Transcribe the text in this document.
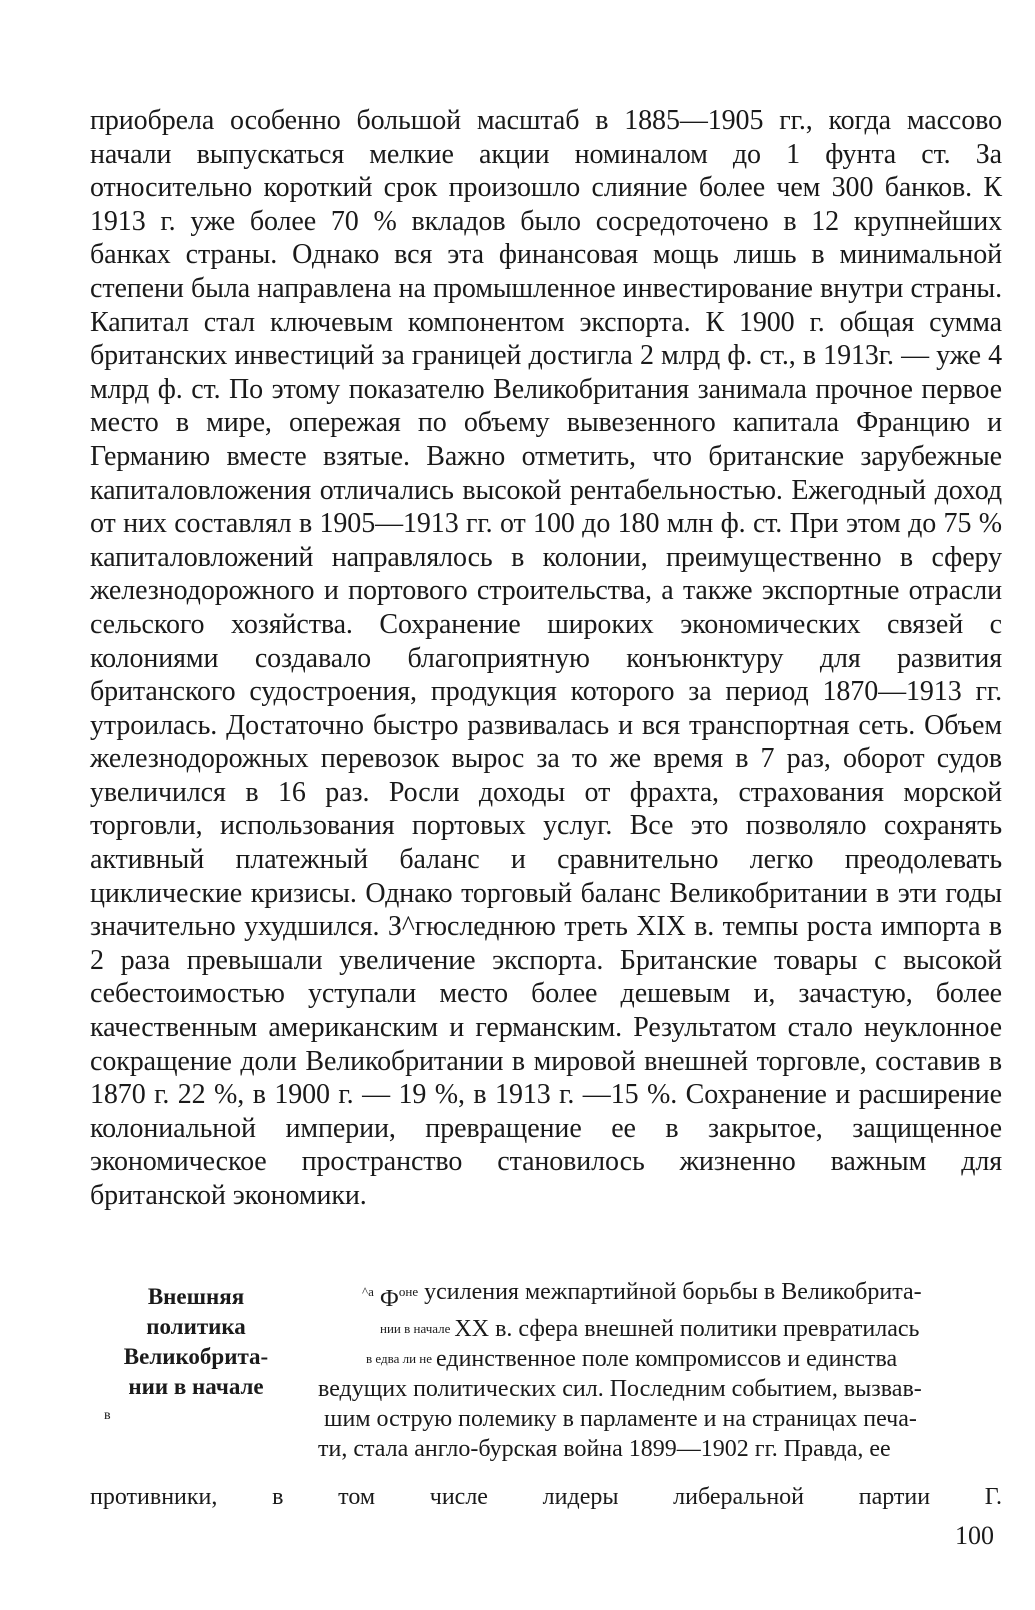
приобрела особенно большой масштаб в 1885—1905 гг., когда массово начали выпускаться мелкие акции номиналом до 1 фунта ст. За относительно короткий срок произошло слияние более чем 300 банков. К 1913 г. уже более 70 % вкладов было сосредоточено в 12 крупнейших банках страны. Однако вся эта финансовая мощь лишь в минимальной степени была направлена на промышленное инвестирование внутри страны. Капитал стал ключевым компонентом экспорта. К 1900 г. общая сумма британских инвестиций за границей достигла 2 млрд ф. ст., в 1913г. — уже 4 млрд ф. ст. По этому показателю Великобритания занимала прочное первое место в мире, опережая по объему вывезенного капитала Францию и Германию вместе взятые. Важно отметить, что британские зарубежные капиталовложения отличались высокой рентабельностью. Ежегодный доход от них составлял в 1905—1913 гг. от 100 до 180 млн ф. ст. При этом до 75 % капиталовложений направлялось в колонии, преимущественно в сферу железнодорожного и портового строительства, а также экспортные отрасли сельского хозяйства. Сохранение широких экономических связей с колониями создавало благоприятную конъюнктуру для развития британского судостроения, продукция которого за период 1870—1913 гг. утроилась. Достаточно быстро развивалась и вся транспортная сеть. Объем железнодорожных перевозок вырос за то же время в 7 раз, оборот судов увеличился в 16 раз. Росли доходы от фрахта, страхования морской торговли, использования портовых услуг. Все это позволяло сохранять активный платежный баланс и сравнительно легко преодолевать циклические кризисы. Однако торговый баланс Великобритании в эти годы значительно ухудшился. З^гюследнюю треть XIX в. темпы роста импорта в 2 раза превышали увеличение экспорта. Британские товары с высокой себестоимостью уступали место более дешевым и, зачастую, более качественным американским и германским. Результатом стало неуклонное сокращение доли Великобритании в мировой внешней торговле, составив в 1870 г. 22 %, в 1900 г. — 19 %, в 1913 г. —15 %. Сохранение и расширение колониальной империи, превращение ее в закрытое, защищенное экономическое пространство становилось жизненно важным для британской экономики.

Внешняя
политика
Великобрита-
нии в начале
в
$^{\^{}а}$ $Ф^{оне}$ усиления межпартийной борьбы в Великобрита-
нии в начале XX в. сфера внешней политики превратилась
в едва ли не единственное поле компромиссов и единства
ведущих политических сил. Последним событием, вызвав-
шим острую полемику в парламенте и на страницах печа-
ти, стала англо-бурская война 1899—1902 гг. Правда, ее
противники, в том числе лидеры либеральной партии Г.
100
